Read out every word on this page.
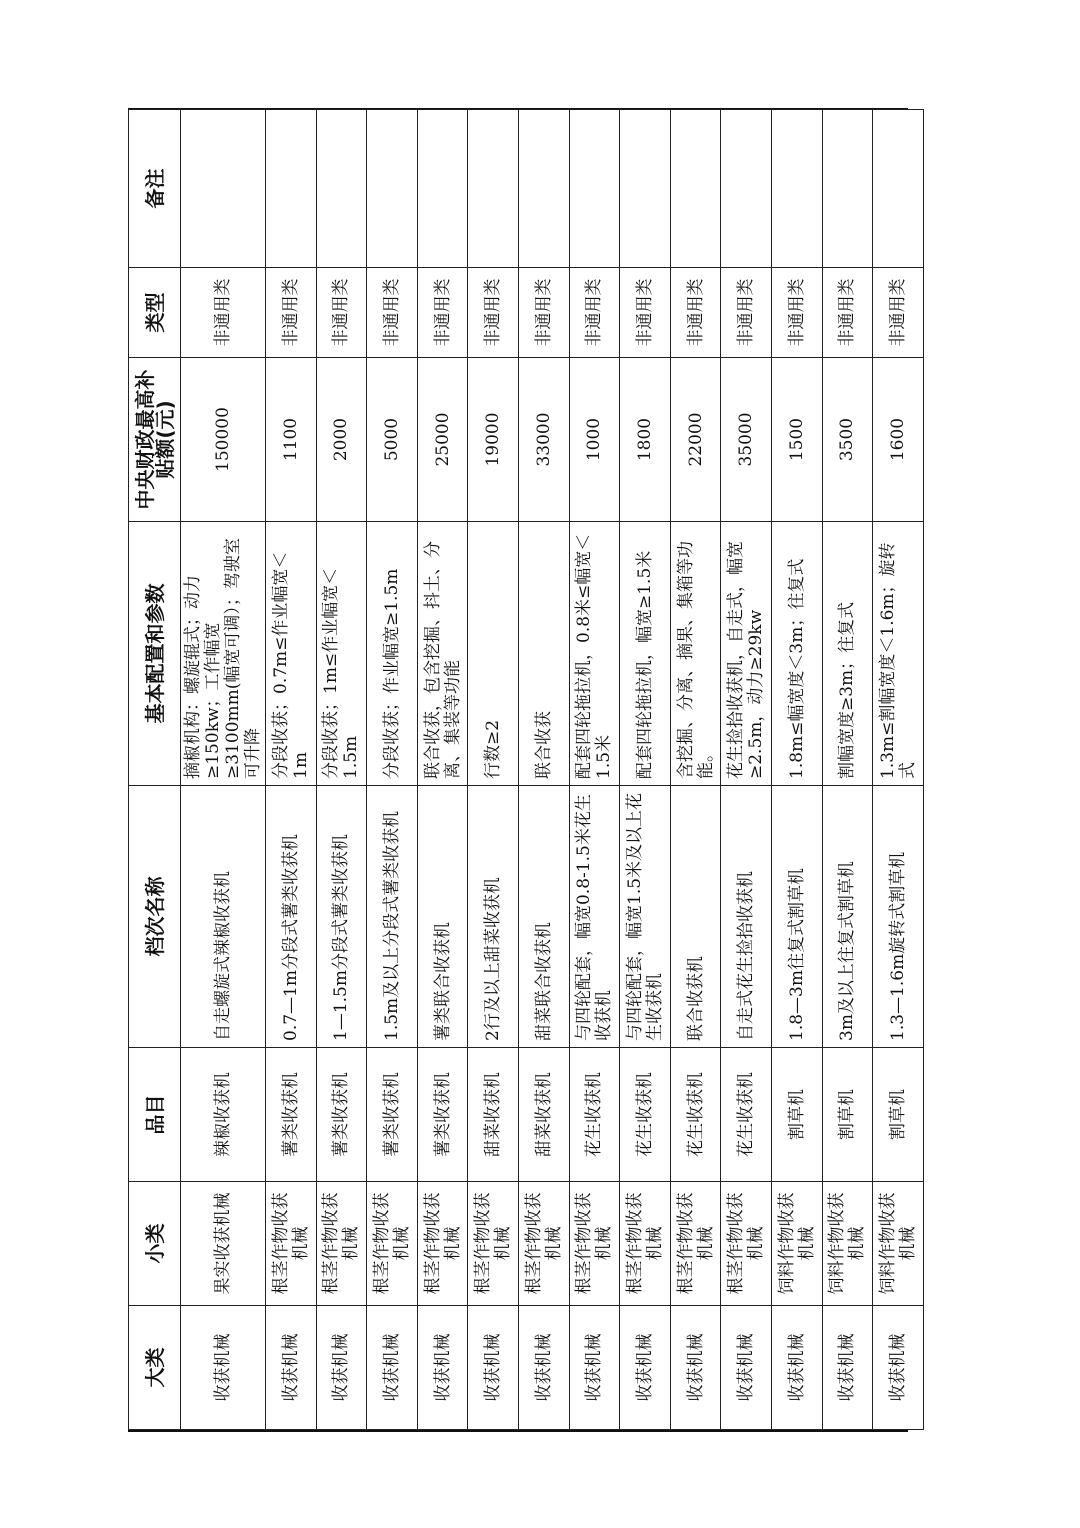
大类	小类	品目	档次名称	基本配置和参数	中央财政最高补贴额(元)	类型	备注
收获机械	果实收获机械	辣椒收获机	自走螺旋式辣椒收获机	摘椒机构：螺旋辊式；动力≥150kw；工作幅宽≥3100mm(幅宽可调）；驾驶室可升降	150000	非通用类	
收获机械	根茎作物收获机械	薯类收获机	0.7—1m分段式薯类收获机	分段收获；0.7m≤作业幅宽＜1m	1100	非通用类	
收获机械	根茎作物收获机械	薯类收获机	1—1.5m分段式薯类收获机	分段收获；1m≤作业幅宽＜1.5m	2000	非通用类	
收获机械	根茎作物收获机械	薯类收获机	1.5m及以上分段式薯类收获机	分段收获；作业幅宽≥1.5m	5000	非通用类	
收获机械	根茎作物收获机械	薯类收获机	薯类联合收获机	联合收获，包含挖掘、抖土、分离、集装等功能	25000	非通用类	
收获机械	根茎作物收获机械	甜菜收获机	2行及以上甜菜收获机	行数≥2	19000	非通用类	
收获机械	根茎作物收获机械	甜菜收获机	甜菜联合收获机	联合收获	33000	非通用类	
收获机械	根茎作物收获机械	花生收获机	与四轮配套，幅宽0.8-1.5米花生收获机	配套四轮拖拉机，0.8米≤幅宽＜1.5米	1000	非通用类	
收获机械	根茎作物收获机械	花生收获机	与四轮配套，幅宽1.5米及以上花生收获机	配套四轮拖拉机，幅宽≥1.5米	1800	非通用类	
收获机械	根茎作物收获机械	花生收获机	联合收获机	含挖掘、分离、摘果、集箱等功能。	22000	非通用类	
收获机械	根茎作物收获机械	花生收获机	自走式花生捡拾收获机	花生捡拾收获机，自走式，幅宽≥2.5m，动力≥29kw	35000	非通用类	
收获机械	饲料作物收获机械	割草机	1.8—3m往复式割草机	1.8m≤幅宽度＜3m；往复式	1500	非通用类	
收获机械	饲料作物收获机械	割草机	3m及以上往复式割草机	割幅宽度≥3m；往复式	3500	非通用类	
收获机械	饲料作物收获机械	割草机	1.3—1.6m旋转式割草机	1.3m≤割幅宽度＜1.6m；旋转式	1600	非通用类	
